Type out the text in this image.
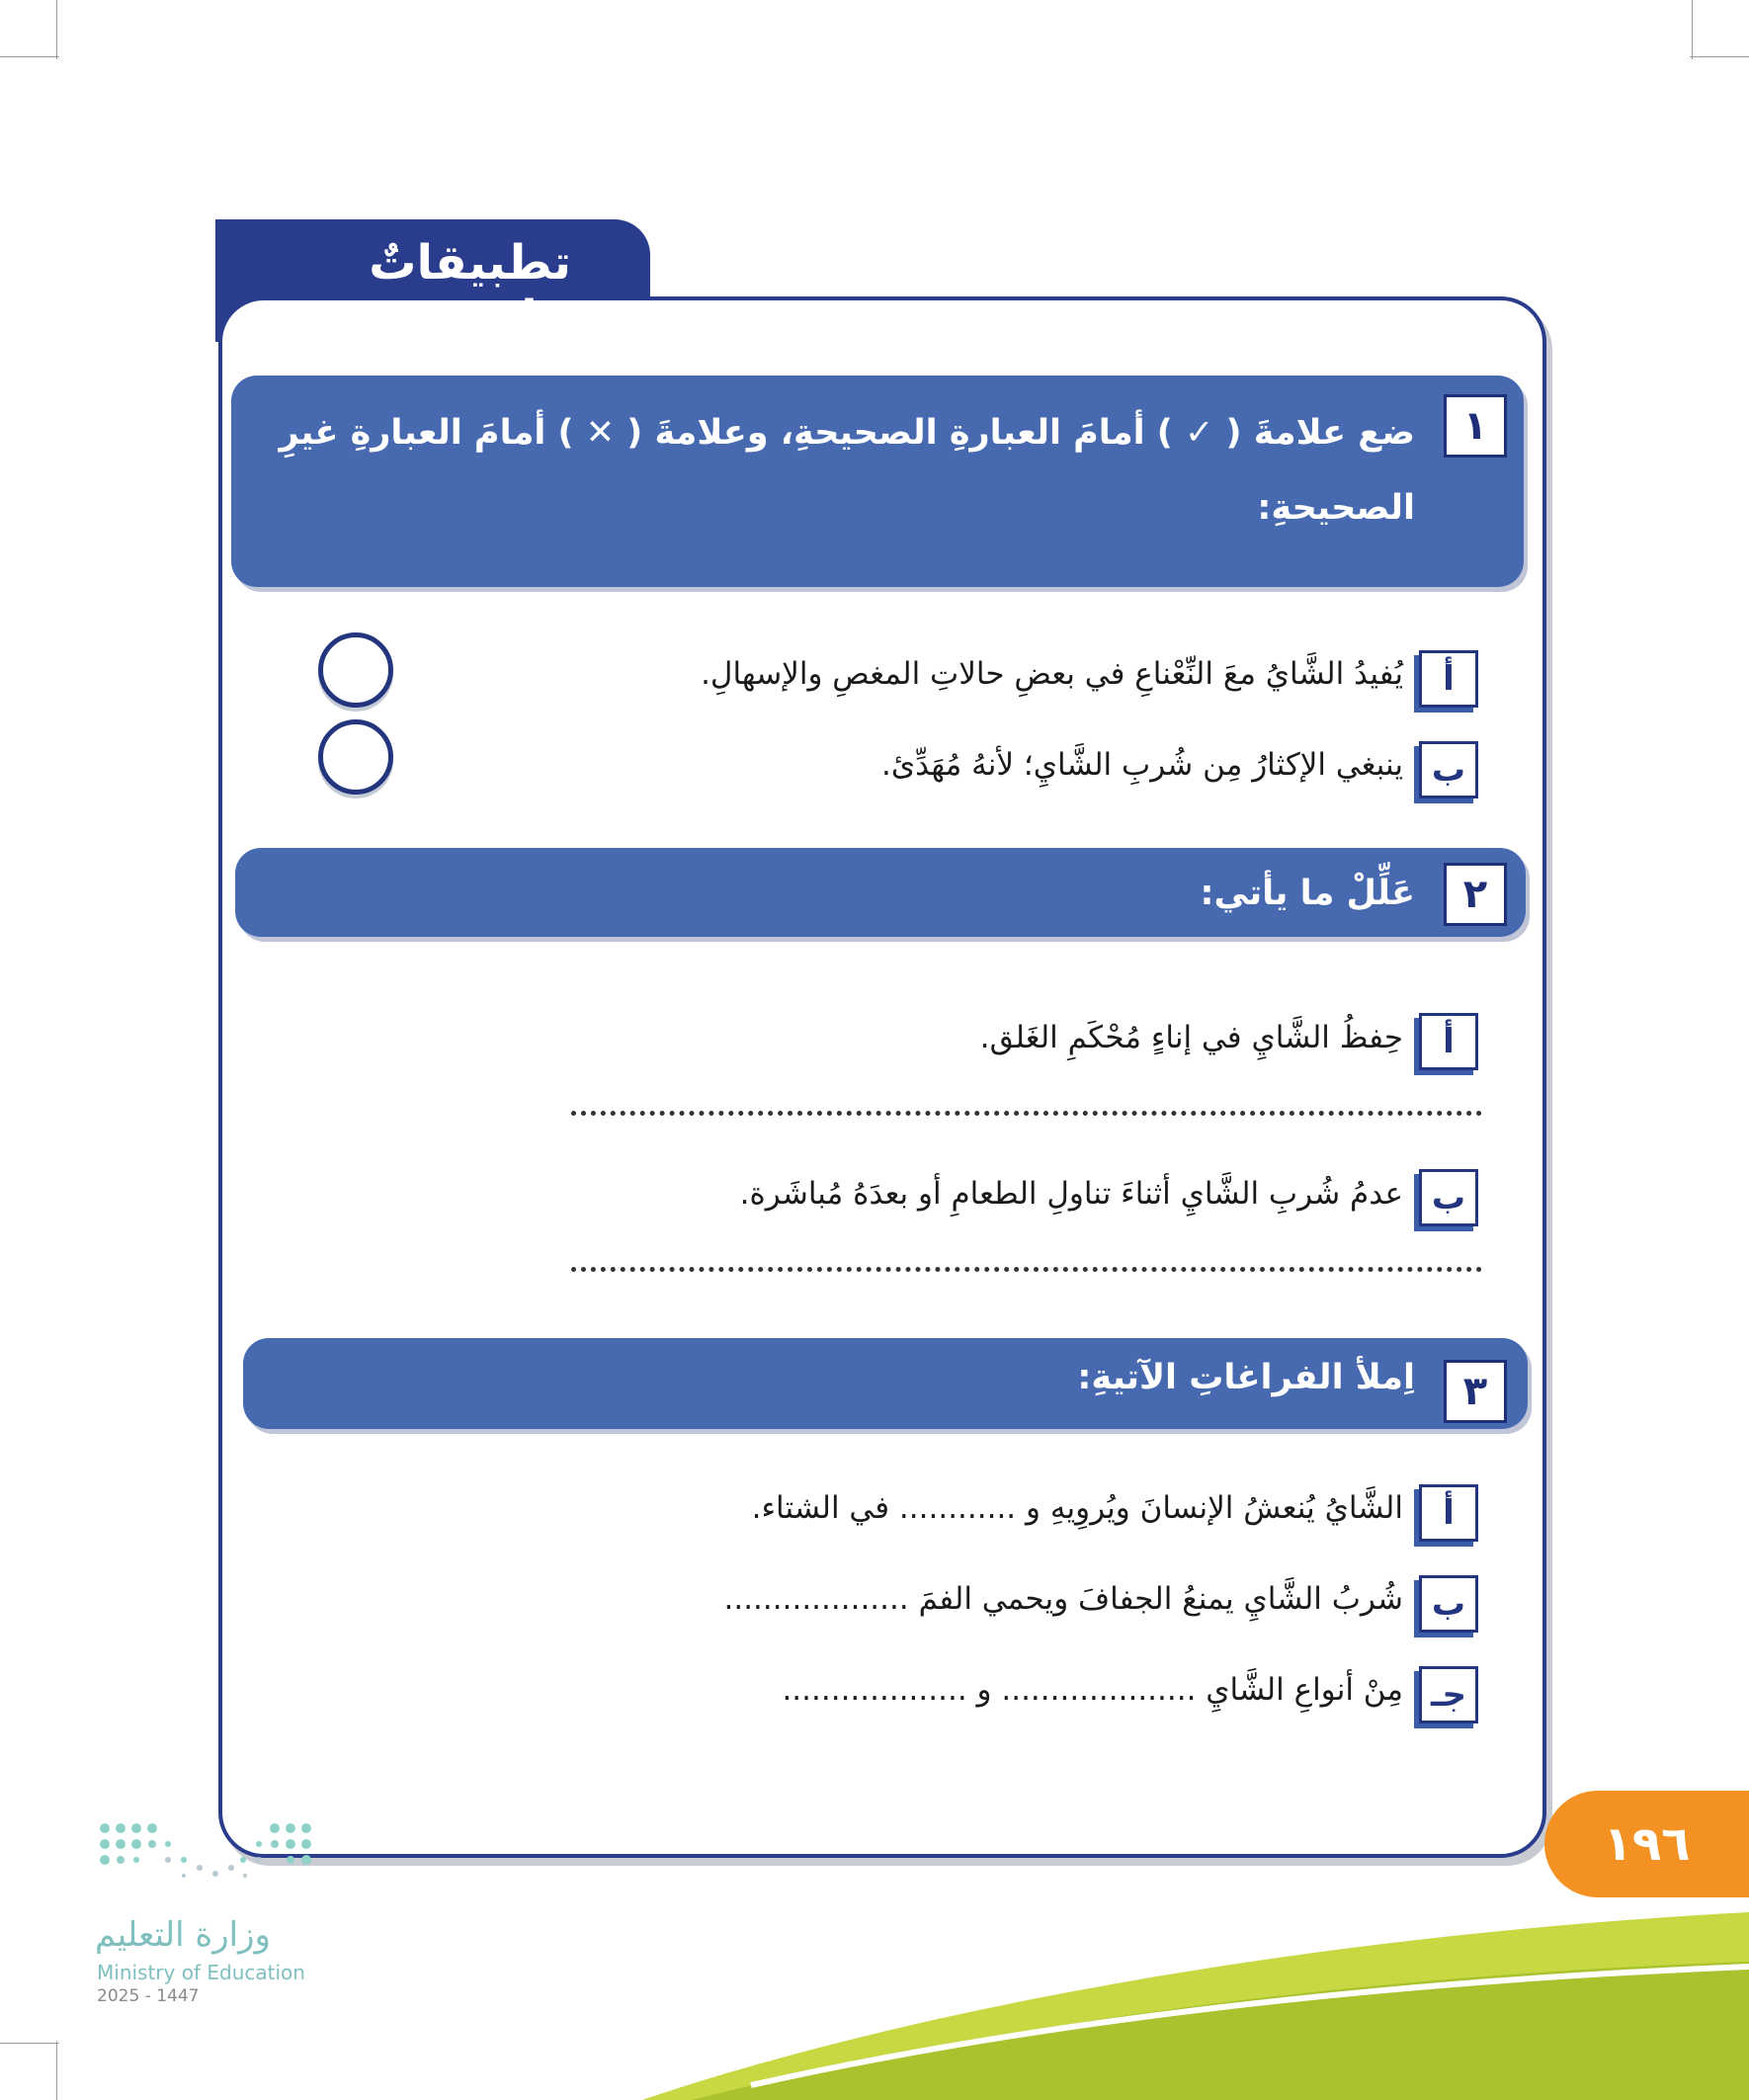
تطبيقاتٌ عامّة
١
ضع علامةَ ( ✓ ) أمامَ العبارةِ الصحيحةِ، وعلامةَ ( ✕ ) أمامَ العبارةِ غيرِ الصحيحةِ:
أ
يُفيدُ الشَّايُ معَ النِّعْناعِ في بعضِ حالاتِ المغصِ والإسهالِ.
ب
ينبغي الإكثارُ مِن شُربِ الشَّايِ؛ لأنهُ مُهَدِّئ.
٢
عَلِّلْ ما يأتي:
أ
حِفظُ الشَّايِ في إناءٍ مُحْكَمِ الغَلق.
ب
عدمُ شُربِ الشَّايِ أثناءَ تناولِ الطعامِ أو بعدَهُ مُباشَرة.
٣
اِملأ الفراغاتِ الآتيةِ:
أ
الشَّايُ يُنعشُ الإنسانَ ويُروِيهِ و ............ في الشتاء.
ب
شُربُ الشَّايِ يمنعُ الجفافَ ويحمي الفمَ ...................
جـ
مِنْ أنواعِ الشَّايِ .................... و ...................
١٩٦
وزارة التعليم
Ministry of Education
2025 - 1447
